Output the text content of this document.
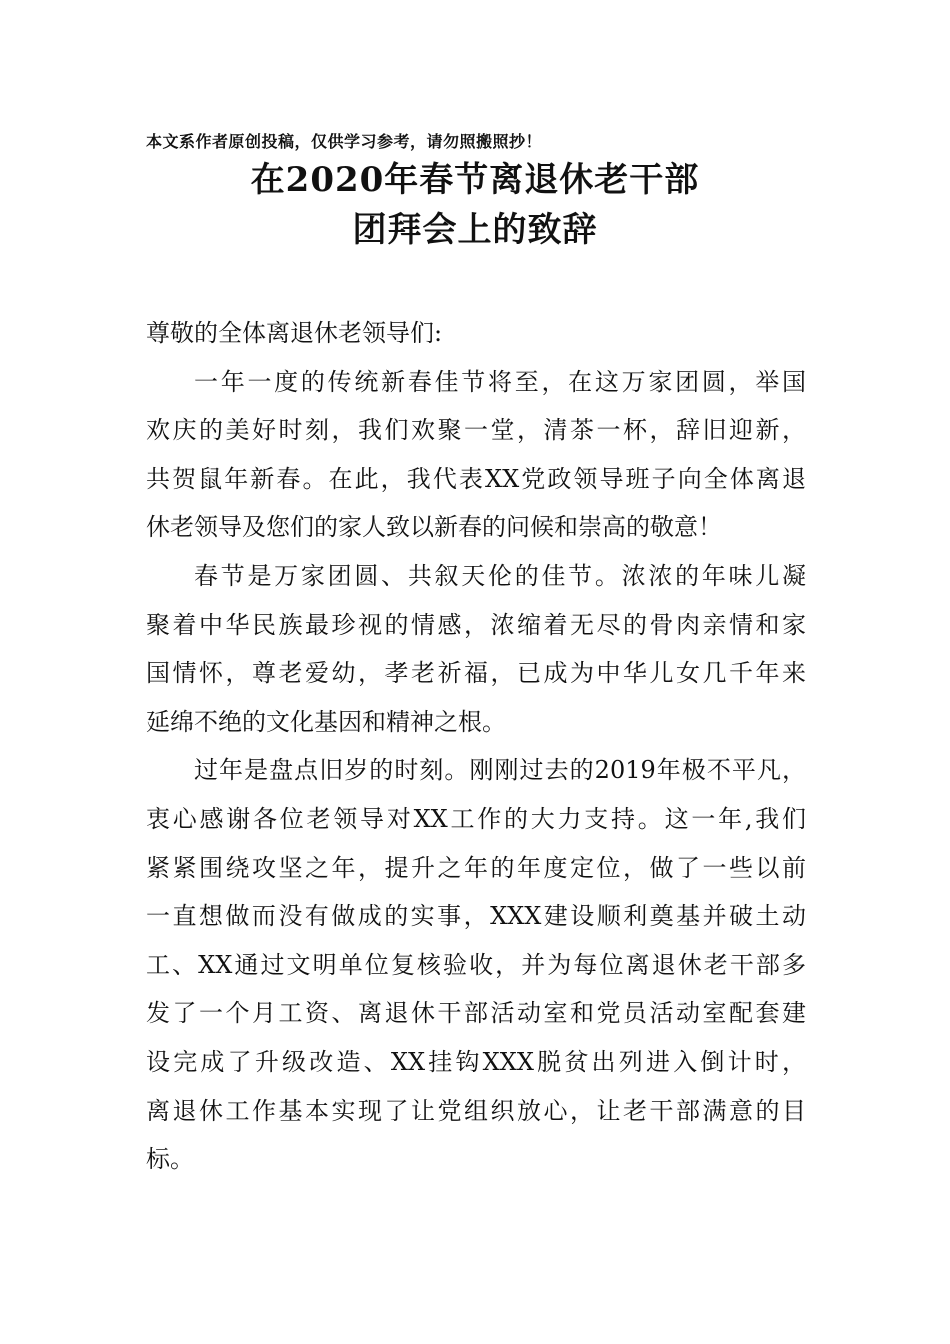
本文系作者原创投稿，仅供学习参考，请勿照搬照抄！
在2020年春节离退休老干部
团拜会上的致辞
尊敬的全体离退休老领导们:
一年一度的传统新春佳节将至，在这万家团圆，举国
欢庆的美好时刻，我们欢聚一堂，清茶一杯，辞旧迎新，
共贺鼠年新春。在此，我代表XX党政领导班子向全体离退
休老领导及您们的家人致以新春的问候和崇高的敬意！
春节是万家团圆、共叙天伦的佳节。浓浓的年味儿凝
聚着中华民族最珍视的情感，浓缩着无尽的骨肉亲情和家
国情怀，尊老爱幼，孝老祈福，已成为中华儿女几千年来
延绵不绝的文化基因和精神之根。
过年是盘点旧岁的时刻。刚刚过去的2019年极不平凡，
衷心感谢各位老领导对XX工作的大力支持。这一年,我们
紧紧围绕攻坚之年，提升之年的年度定位，做了一些以前
一直想做而没有做成的实事，XXX建设顺利奠基并破土动
工、XX通过文明单位复核验收，并为每位离退休老干部多
发了一个月工资、离退休干部活动室和党员活动室配套建
设完成了升级改造、XX挂钩XXX脱贫出列进入倒计时，
离退休工作基本实现了让党组织放心，让老干部满意的目
标。
